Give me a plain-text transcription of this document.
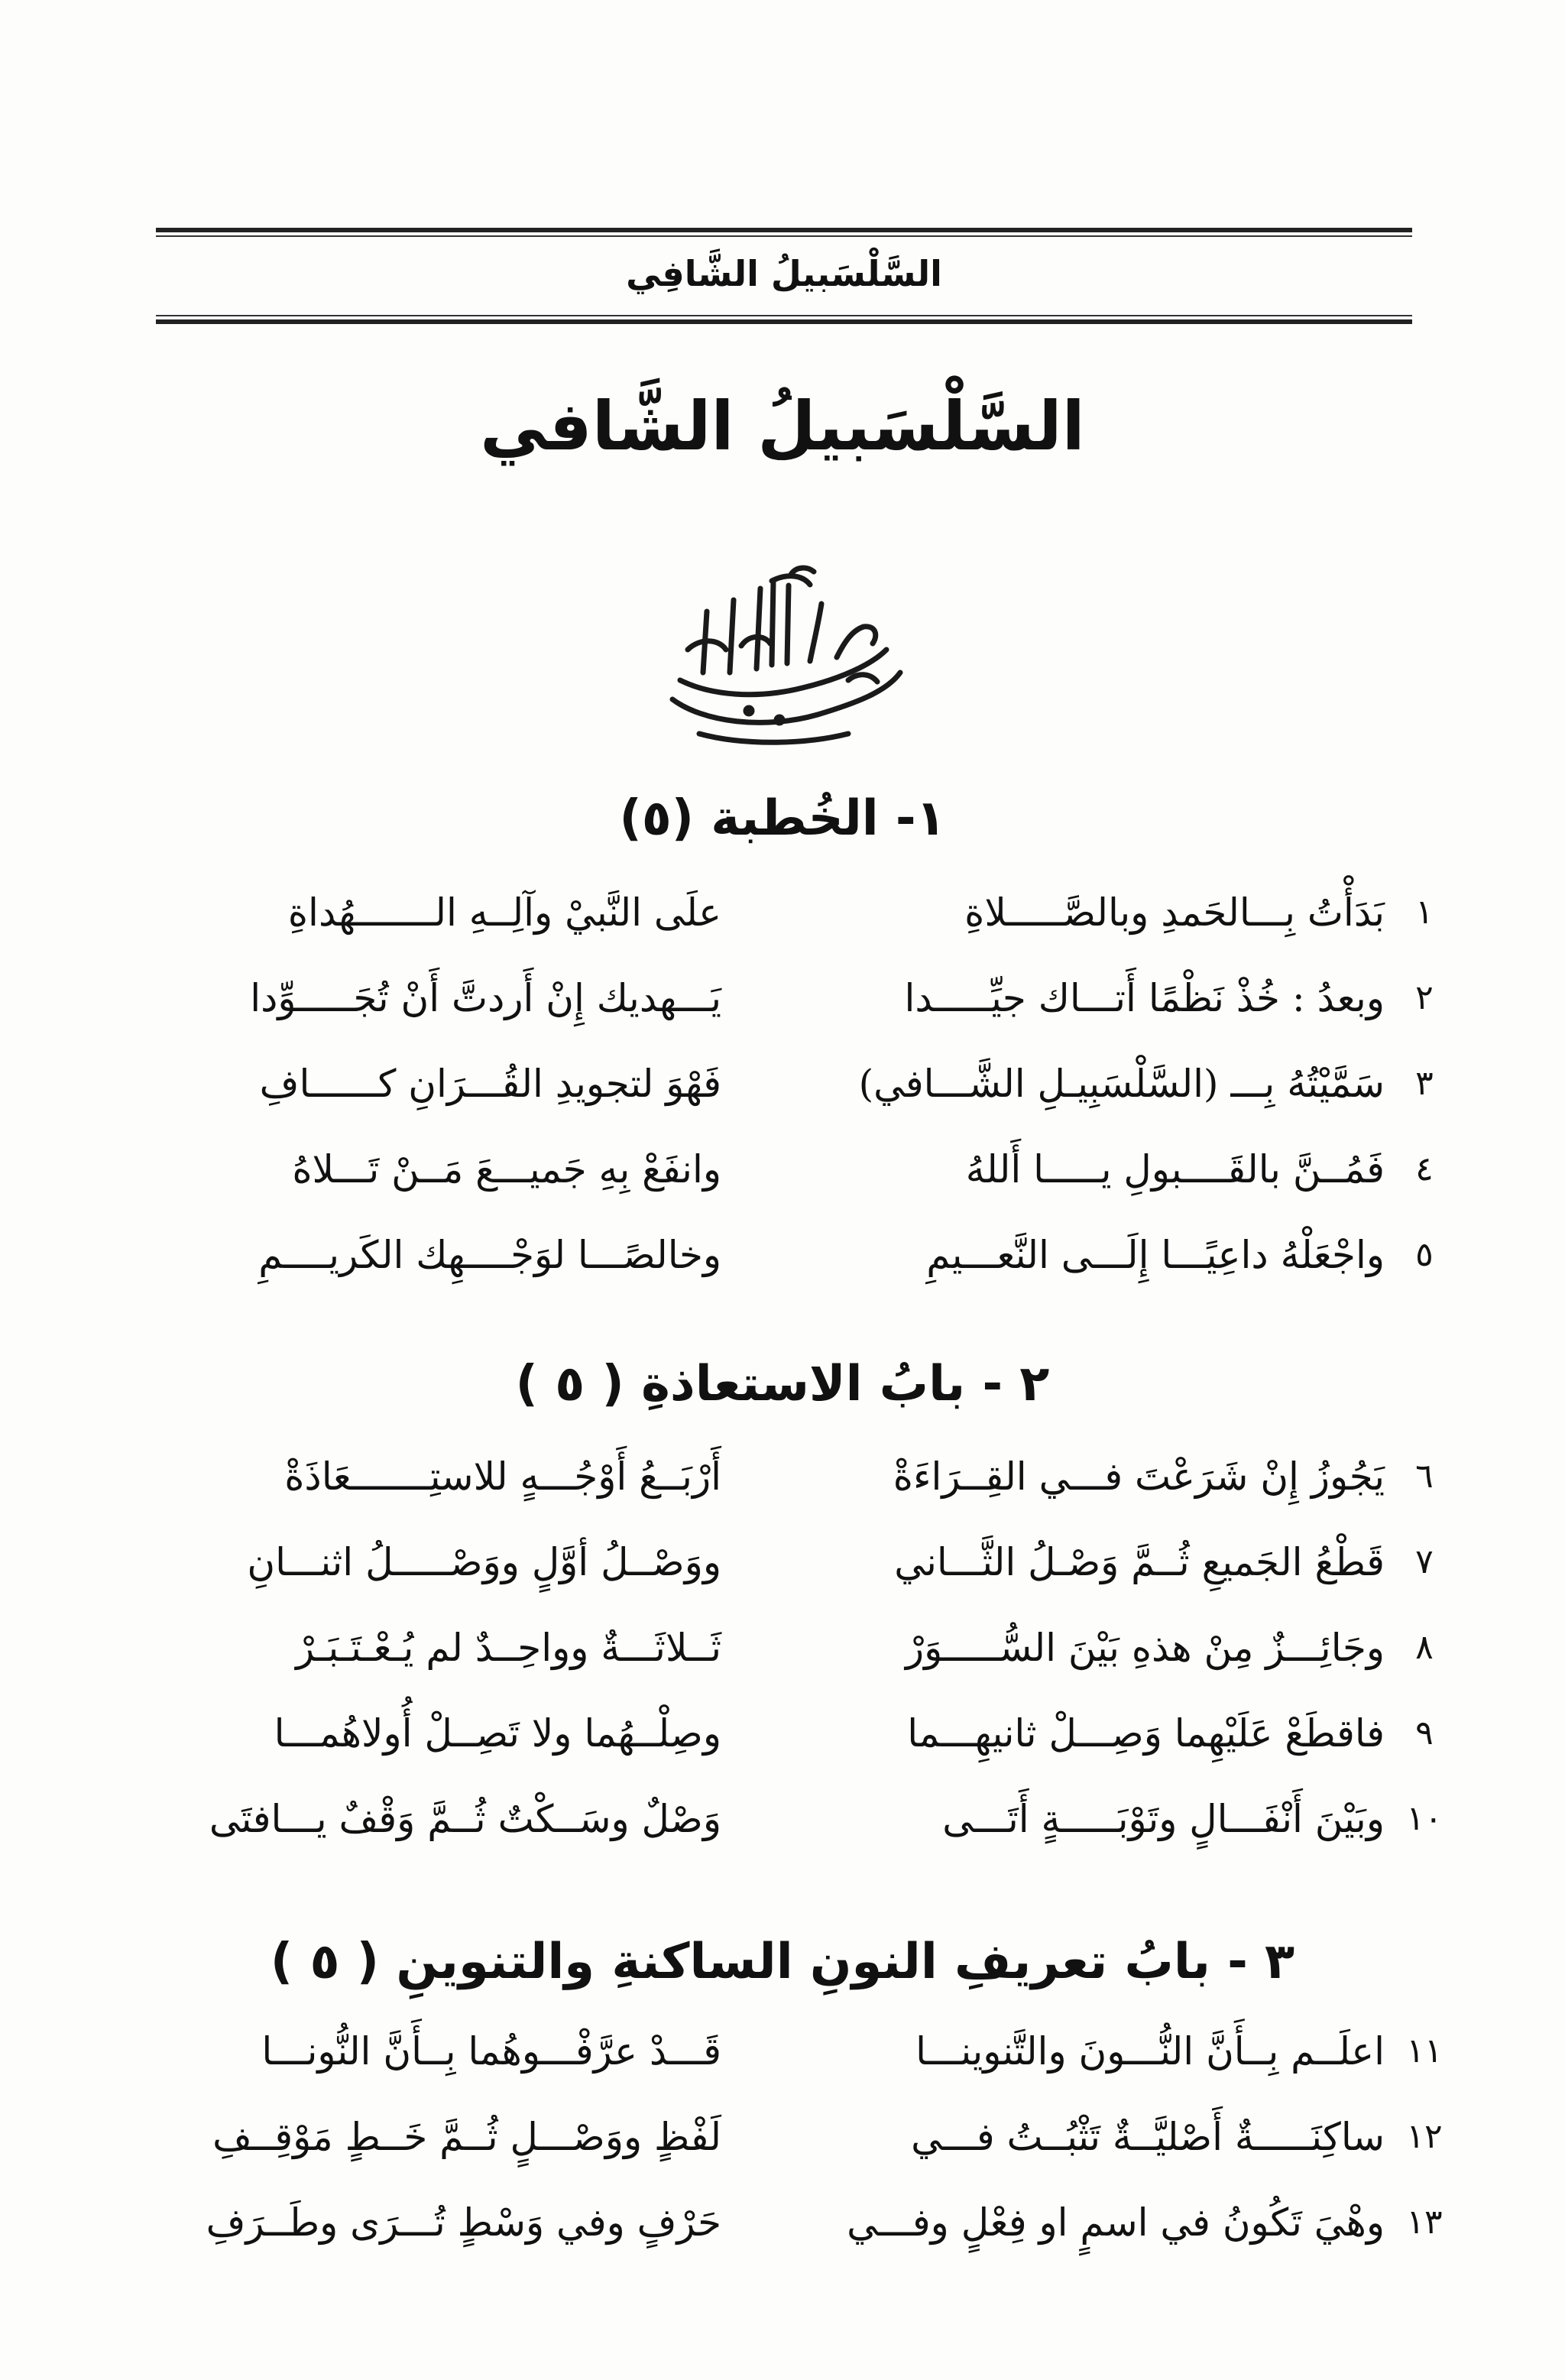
السَّلْسَبيلُ الشَّافِي
السَّلْسَبيلُ الشَّافي
١- الخُطبة (٥)
١
بَدَأْتُ بِـــالحَمدِ وبالصَّـــــلاةِ
علَى النَّبيْ وآلِــهِ الـــــــهُداةِ
٢
وبعدُ : خُذْ نَظْمًا أَتـــاك جيِّـــــدا
يَـــهديك إِنْ أَردتَّ أَنْ تُجَـــــوِّدا
٣
سَمَّيْتُهُ بِـــ (السَّلْسَبِيـلِ الشَّـــافي)
فَهْوَ لتجويدِ القُـــرَانِ كــــــافِ
٤
فَمُــنَّ بالقَــــبولِ يـــــا أَللهُ
وانفَعْ بِهِ جَميـــعَ مَــنْ تَـــلاهُ
٥
واجْعَلْهُ داعِيًـــا إِلَـــى النَّعـــيمِ
وخالصًـــا لوَجْــــهِك الكَريــــمِ
٢ - بابُ الاستعاذةِ ( ٥ )
٦
يَجُوزُ إِنْ شَرَعْتَ فـــي القِــرَاءَةْ
أَرْبَــعُ أَوْجُـــهٍ للاستِـــــــعَاذَةْ
٧
قَطْعُ الجَميعِ ثُــمَّ وَصْـلُ الثَّـــاني
ووَصْــلُ أوَّلٍ ووَصْـــــلُ اثنـــانِ
٨
وجَائِـــزٌ مِنْ هذهِ بَيْنَ السُّـــــوَرْ
ثَــلاثَـــةٌ وواحِــدٌ لم يُـعْـتَـبَـرْ
٩
فاقطَعْ عَلَيْهِما وَصِـــلْ ثانيهِـــما
وصِلْــهُما ولا تَصِــلْ أُولاهُمـــا
١٠
وبَيْنَ أَنْفَـــالٍ وتَوْبَـــــةٍ أَتَـــى
وَصْلٌ وسَــكْتٌ ثُــمَّ وَقْفٌ يـــافتَى
٣ - بابُ تعريفِ النونِ الساكنةِ والتنوينِ ( ٥ )
١١
اعلَــم بِــأَنَّ النُّـــونَ والتَّنوينـــا
قَـــدْ عرَّفْـــوهُما بِــأَنَّ النُّونـــا
١٢
ساكِنَـــــةٌ أَصْليَّــةٌ تَثْبُــتُ فـــي
لَفْظٍ ووَصْـــلٍ ثُــمَّ خَــطٍ مَوْقِــفِ
١٣
وهْيَ تَكُونُ في اسمٍ او فِعْلٍ وفـــي
حَرْفٍ وفي وَسْطٍ تُـــرَى وطَــرَفِ
